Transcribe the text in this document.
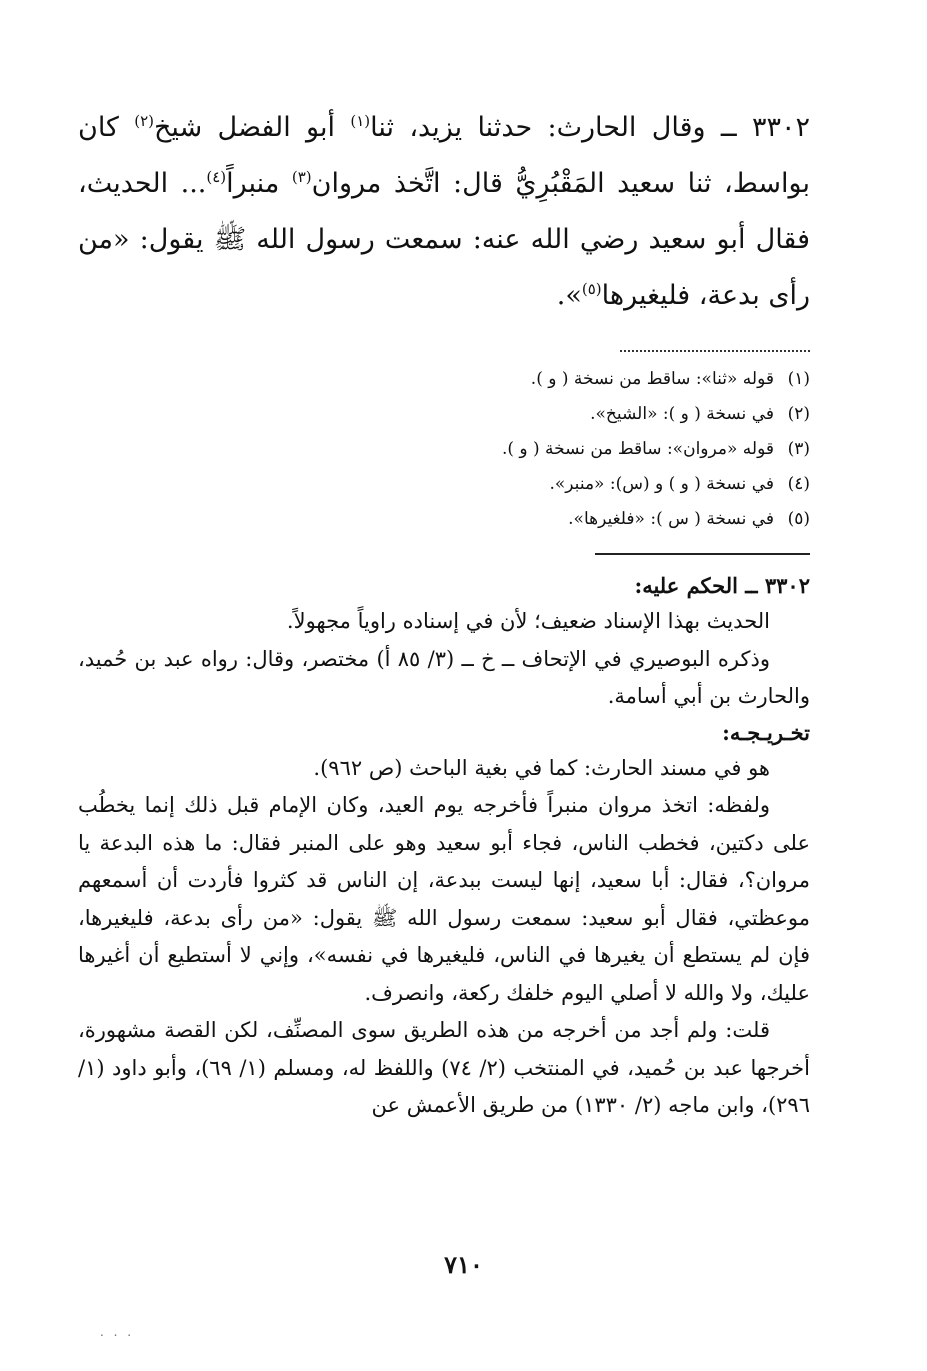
٣٣٠٢ ــ وقال الحارث: حدثنا يزيد، ثنا$^{(١)}$ أبو الفضل شيخ$^{(٢)}$ كان بواسط، ثنا سعيد المَقْبُرِيُّ قال: اتَّخذ مروان$^{(٣)}$ منبراً$^{(٤)}$... الحديث، فقال أبو سعيد رضي الله عنه: سمعت رسول الله ﷺ يقول: «من رأى بدعة، فليغيرها$^{(٥)}$».

(١)قوله «ثنا»: ساقط من نسخة ( و ).

(٢)في نسخة ( و ): «الشيخ».

(٣)قوله «مروان»: ساقط من نسخة ( و ).

(٤)في نسخة ( و ) و (س): «منبر».

(٥)في نسخة ( س ): «فلغيرها».

٣٣٠٢ ــ الحكم عليه:

الحديث بهذا الإسناد ضعيف؛ لأن في إسناده راوياً مجهولاً.

وذكره البوصيري في الإتحاف ــ خ ــ (٣/ ٨٥ أ) مختصر، وقال: رواه عبد بن حُميد، والحارث بن أبي أسامة.

تخـريـجـه:

هو في مسند الحارث: كما في بغية الباحث (ص ٩٦٢).

ولفظه: اتخذ مروان منبراً فأخرجه يوم العيد، وكان الإمام قبل ذلك إنما يخطُب على دكتين، فخطب الناس، فجاء أبو سعيد وهو على المنبر فقال: ما هذه البدعة يا مروان؟، فقال: أبا سعيد، إنها ليست ببدعة، إن الناس قد كثروا فأردت أن أسمعهم موعظتي، فقال أبو سعيد: سمعت رسول الله ﷺ يقول: «من رأى بدعة، فليغيرها، فإن لم يستطع أن يغيرها في الناس، فليغيرها في نفسه»، وإني لا أستطيع أن أغيرها عليك، ولا والله لا أصلي اليوم خلفك ركعة، وانصرف.

قلت: ولم أجد من أخرجه من هذه الطريق سوى المصنِّف، لكن القصة مشهورة، أخرجها عبد بن حُميد، في المنتخب (٢/ ٧٤) واللفظ له، ومسلم (١/ ٦٩)، وأبو داود (١/ ٢٩٦)، وابن ماجه (٢/ ١٣٣٠) من طريق الأعمش عن

٧١٠
. . .
